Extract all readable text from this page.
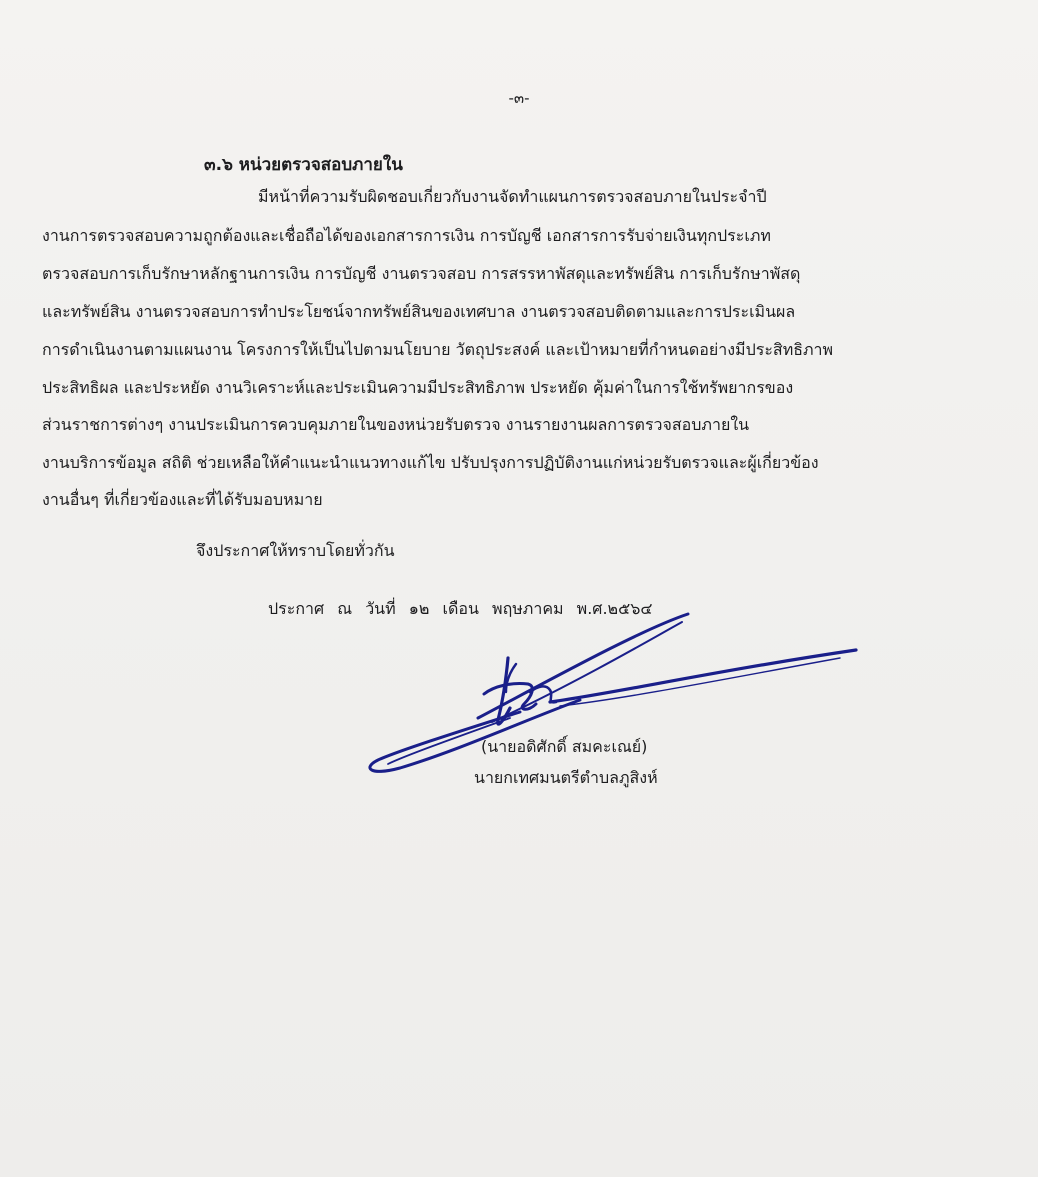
-๓-
๓.๖ หน่วยตรวจสอบภายใน
มีหน้าที่ความรับผิดชอบเกี่ยวกับงานจัดทำแผนการตรวจสอบภายในประจำปี
งานการตรวจสอบความถูกต้องและเชื่อถือได้ของเอกสารการเงิน การบัญชี เอกสารการรับจ่ายเงินทุกประเภท
ตรวจสอบการเก็บรักษาหลักฐานการเงิน การบัญชี งานตรวจสอบ การสรรหาพัสดุและทรัพย์สิน การเก็บรักษาพัสดุ
และทรัพย์สิน งานตรวจสอบการทำประโยชน์จากทรัพย์สินของเทศบาล งานตรวจสอบติดตามและการประเมินผล
การดำเนินงานตามแผนงาน โครงการให้เป็นไปตามนโยบาย วัตถุประสงค์ และเป้าหมายที่กำหนดอย่างมีประสิทธิภาพ
ประสิทธิผล และประหยัด งานวิเคราะห์และประเมินความมีประสิทธิภาพ ประหยัด คุ้มค่าในการใช้ทรัพยากรของ
ส่วนราชการต่างๆ งานประเมินการควบคุมภายในของหน่วยรับตรวจ งานรายงานผลการตรวจสอบภายใน
งานบริการข้อมูล สถิติ ช่วยเหลือให้คำแนะนำแนวทางแก้ไข ปรับปรุงการปฏิบัติงานแก่หน่วยรับตรวจและผู้เกี่ยวข้อง
งานอื่นๆ ที่เกี่ยวข้องและที่ได้รับมอบหมาย
จึงประกาศให้ทราบโดยทั่วกัน
ประกาศ ณ วันที่ ๑๒ เดือน พฤษภาคม พ.ศ.๒๕๖๔
(นายอดิศักดิ์ สมคะเณย์)
นายกเทศมนตรีตำบลภูสิงห์
